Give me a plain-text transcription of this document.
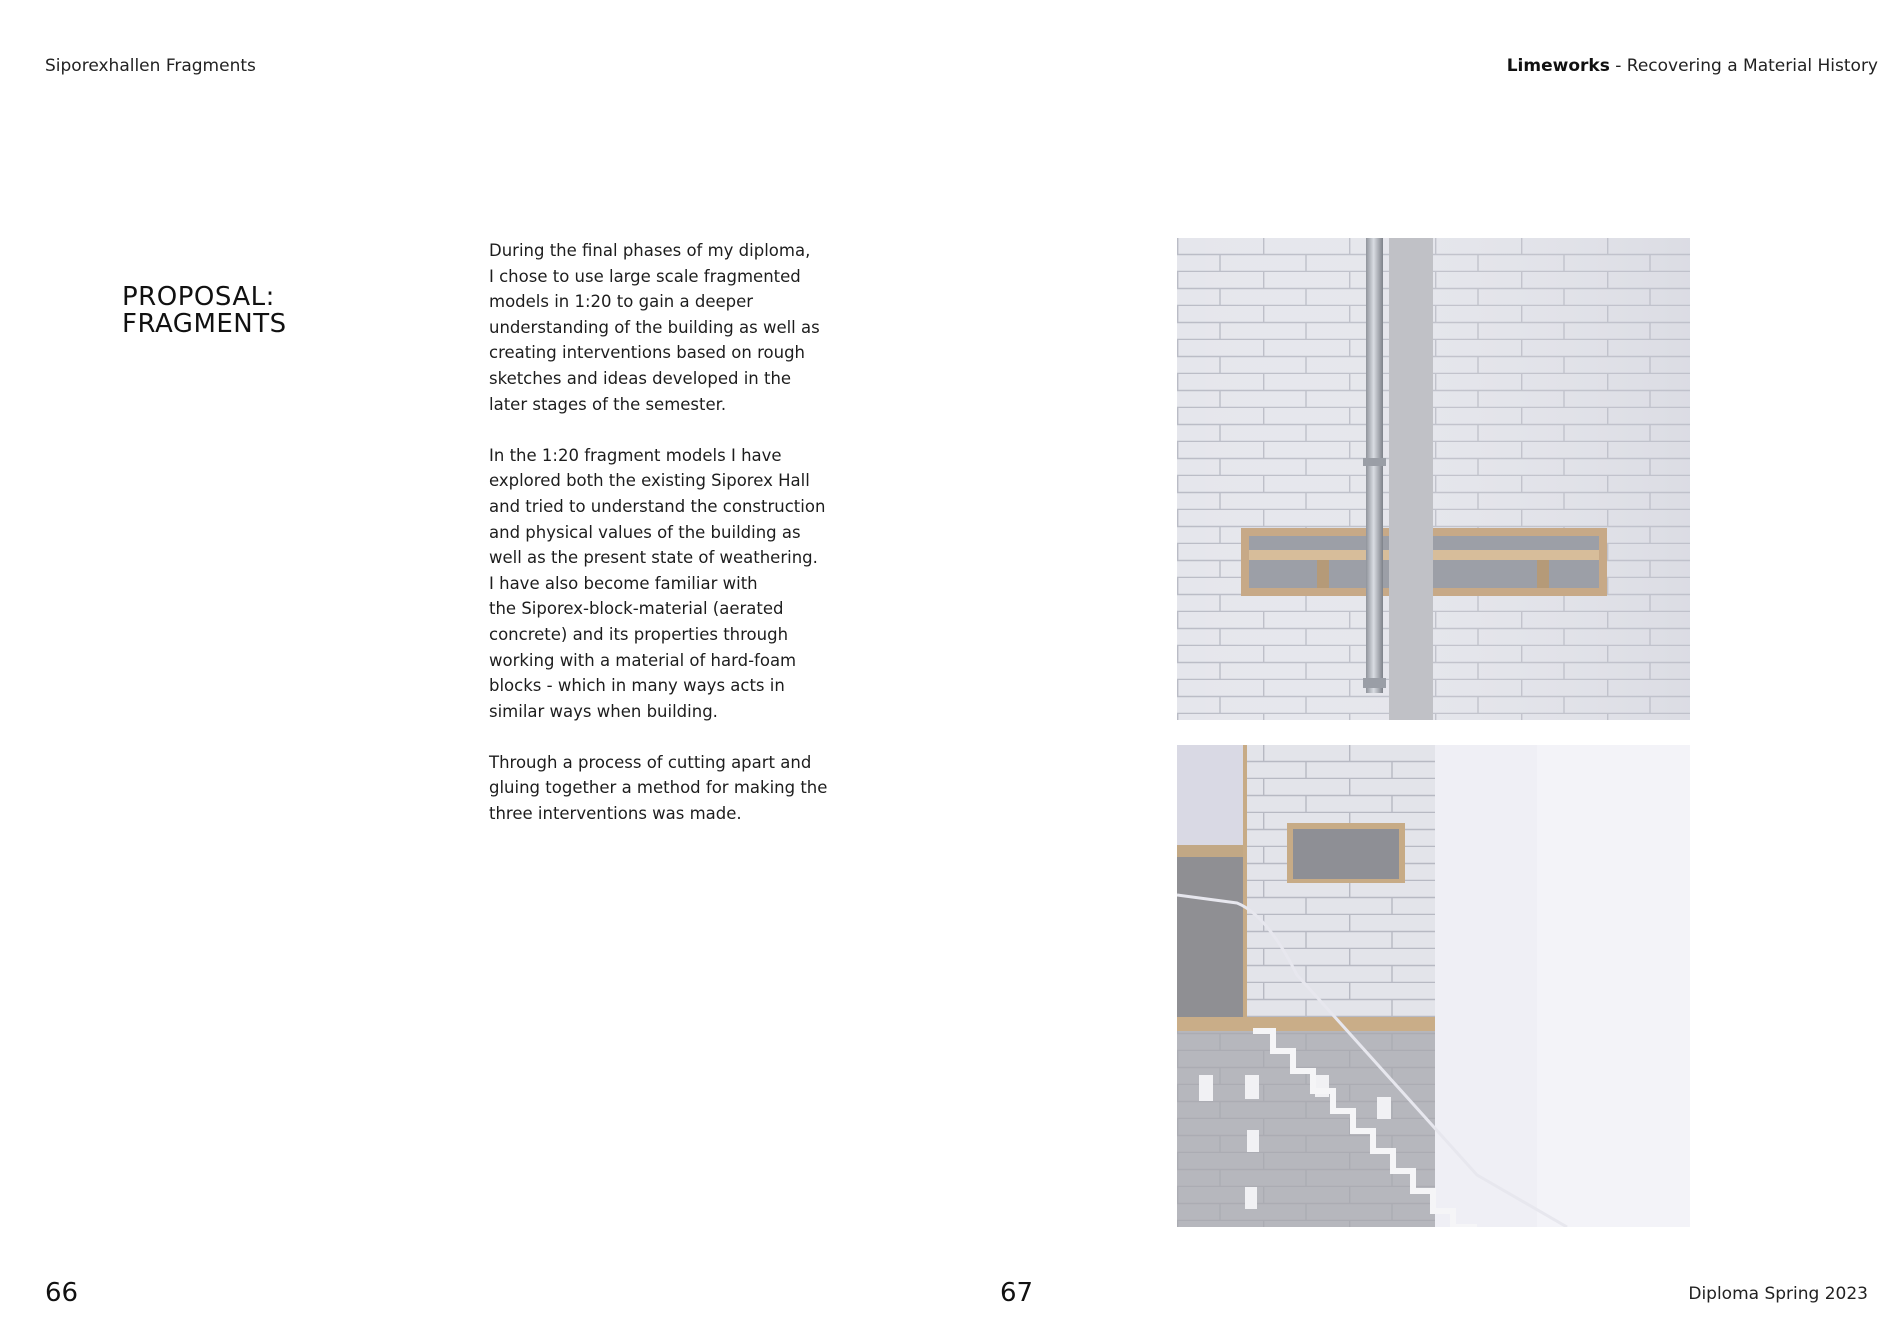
Siporexhallen Fragments	Limeworks - Recovering a Material History
PROPOSAL:
FRAGMENTS

During the final phases of my diploma,
I chose to use large scale fragmented
models in 1:20 to gain a deeper
understanding of the building as well as
creating interventions based on rough
sketches and ideas developed in the
later stages of the semester.

In the 1:20 fragment models I have
explored both the existing Siporex Hall
and tried to understand the construction
and physical values of the building as
well as the present state of weathering.
I have also become familiar with
the Siporex-block-material (aerated
concrete) and its properties through
working with a material of hard-foam
blocks - which in many ways acts in
similar ways when building.

Through a process of cutting apart and
gluing together a method for making the
three interventions was made.

66	67	Diploma Spring 2023
